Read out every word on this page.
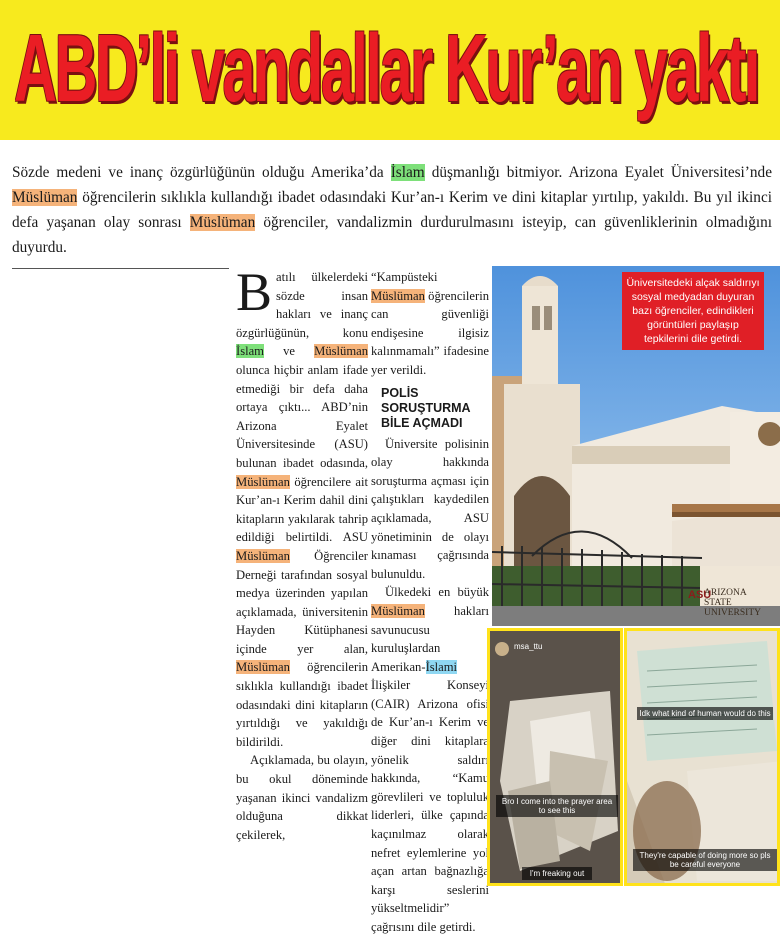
ABD’li vandallar Kur’an yaktı
Sözde medeni ve inanç özgürlüğünün olduğu Amerika’da İslam düşmanlığı bitmiyor. Arizona Eyalet Üniversitesi’nde Müslüman öğrencilerin sıklıkla kullandığı ibadet odasındaki Kur’an-ı Kerim ve dini kitaplar yırtılıp, yakıldı. Bu yıl ikinci defa yaşanan olay sonrası Müslüman öğrenciler, vandalizmin durdurulmasını isteyip, can güvenliklerinin olmadığını duyurdu.

Batılı ülkelerdeki sözde insan hakları ve inanç özgürlüğünün, konu İslam ve Müslüman olunca hiçbir anlam ifade etmediği bir defa daha ortaya çıktı... ABD’nin Arizona Eyalet Üniversitesinde (ASU) bulunan ibadet odasında, Müslüman öğrencilere ait Kur’an-ı Kerim dahil dini kitapların yakılarak tahrip edildiği belirtildi. ASU Müslüman Öğrenciler Derneği tarafından sosyal medya üzerinden yapılan açıklamada, üniversitenin Hayden Kütüphanesi içinde yer alan, Müslüman öğrencilerin sıklıkla kullandığı ibadet odasındaki dini kitapların yırtıldığı ve yakıldığı bildirildi.

Açıklamada, bu olayın, bu okul döneminde yaşanan ikinci vandalizm olduğuna dikkat çekilerek,

“Kampüsteki Müslüman öğrencilerin can güvenliği endişesine ilgisiz kalınmamalı” ifadesine yer verildi.

POLİS SORUŞTURMA BİLE AÇMADI

Üniversite polisinin olay hakkında soruşturma açması için çalıştıkları kaydedilen açıklamada, ASU yönetiminin de olayı kınaması çağrısında bulunuldu.

Ülkedeki en büyük Müslüman hakları savunucusu kuruluşlardan Amerikan-İslami İlişkiler Konseyi (CAIR) Arizona ofisi de Kur’an-ı Kerim ve diğer dini kitaplara yönelik saldırı hakkında, “Kamu görevlileri ve topluluk liderleri, ülke çapında kaçınılmaz olarak nefret eylemlerine yol açan artan bağnazlığa karşı seslerini yükseltmelidir” çağrısını dile getirdi.

ASU
ARIZONA STATE
UNIVERSITY
Üniversitedeki alçak saldırıyı sosyal medyadan duyuran bazı öğrenciler, edindikleri görüntüleri paylaşıp tepkilerini dile getirdi.
msa_ttu
Bro I come into the prayer area to see this
I'm freaking out
Idk what kind of human would do this
They're capable of doing more so pls be careful everyone
